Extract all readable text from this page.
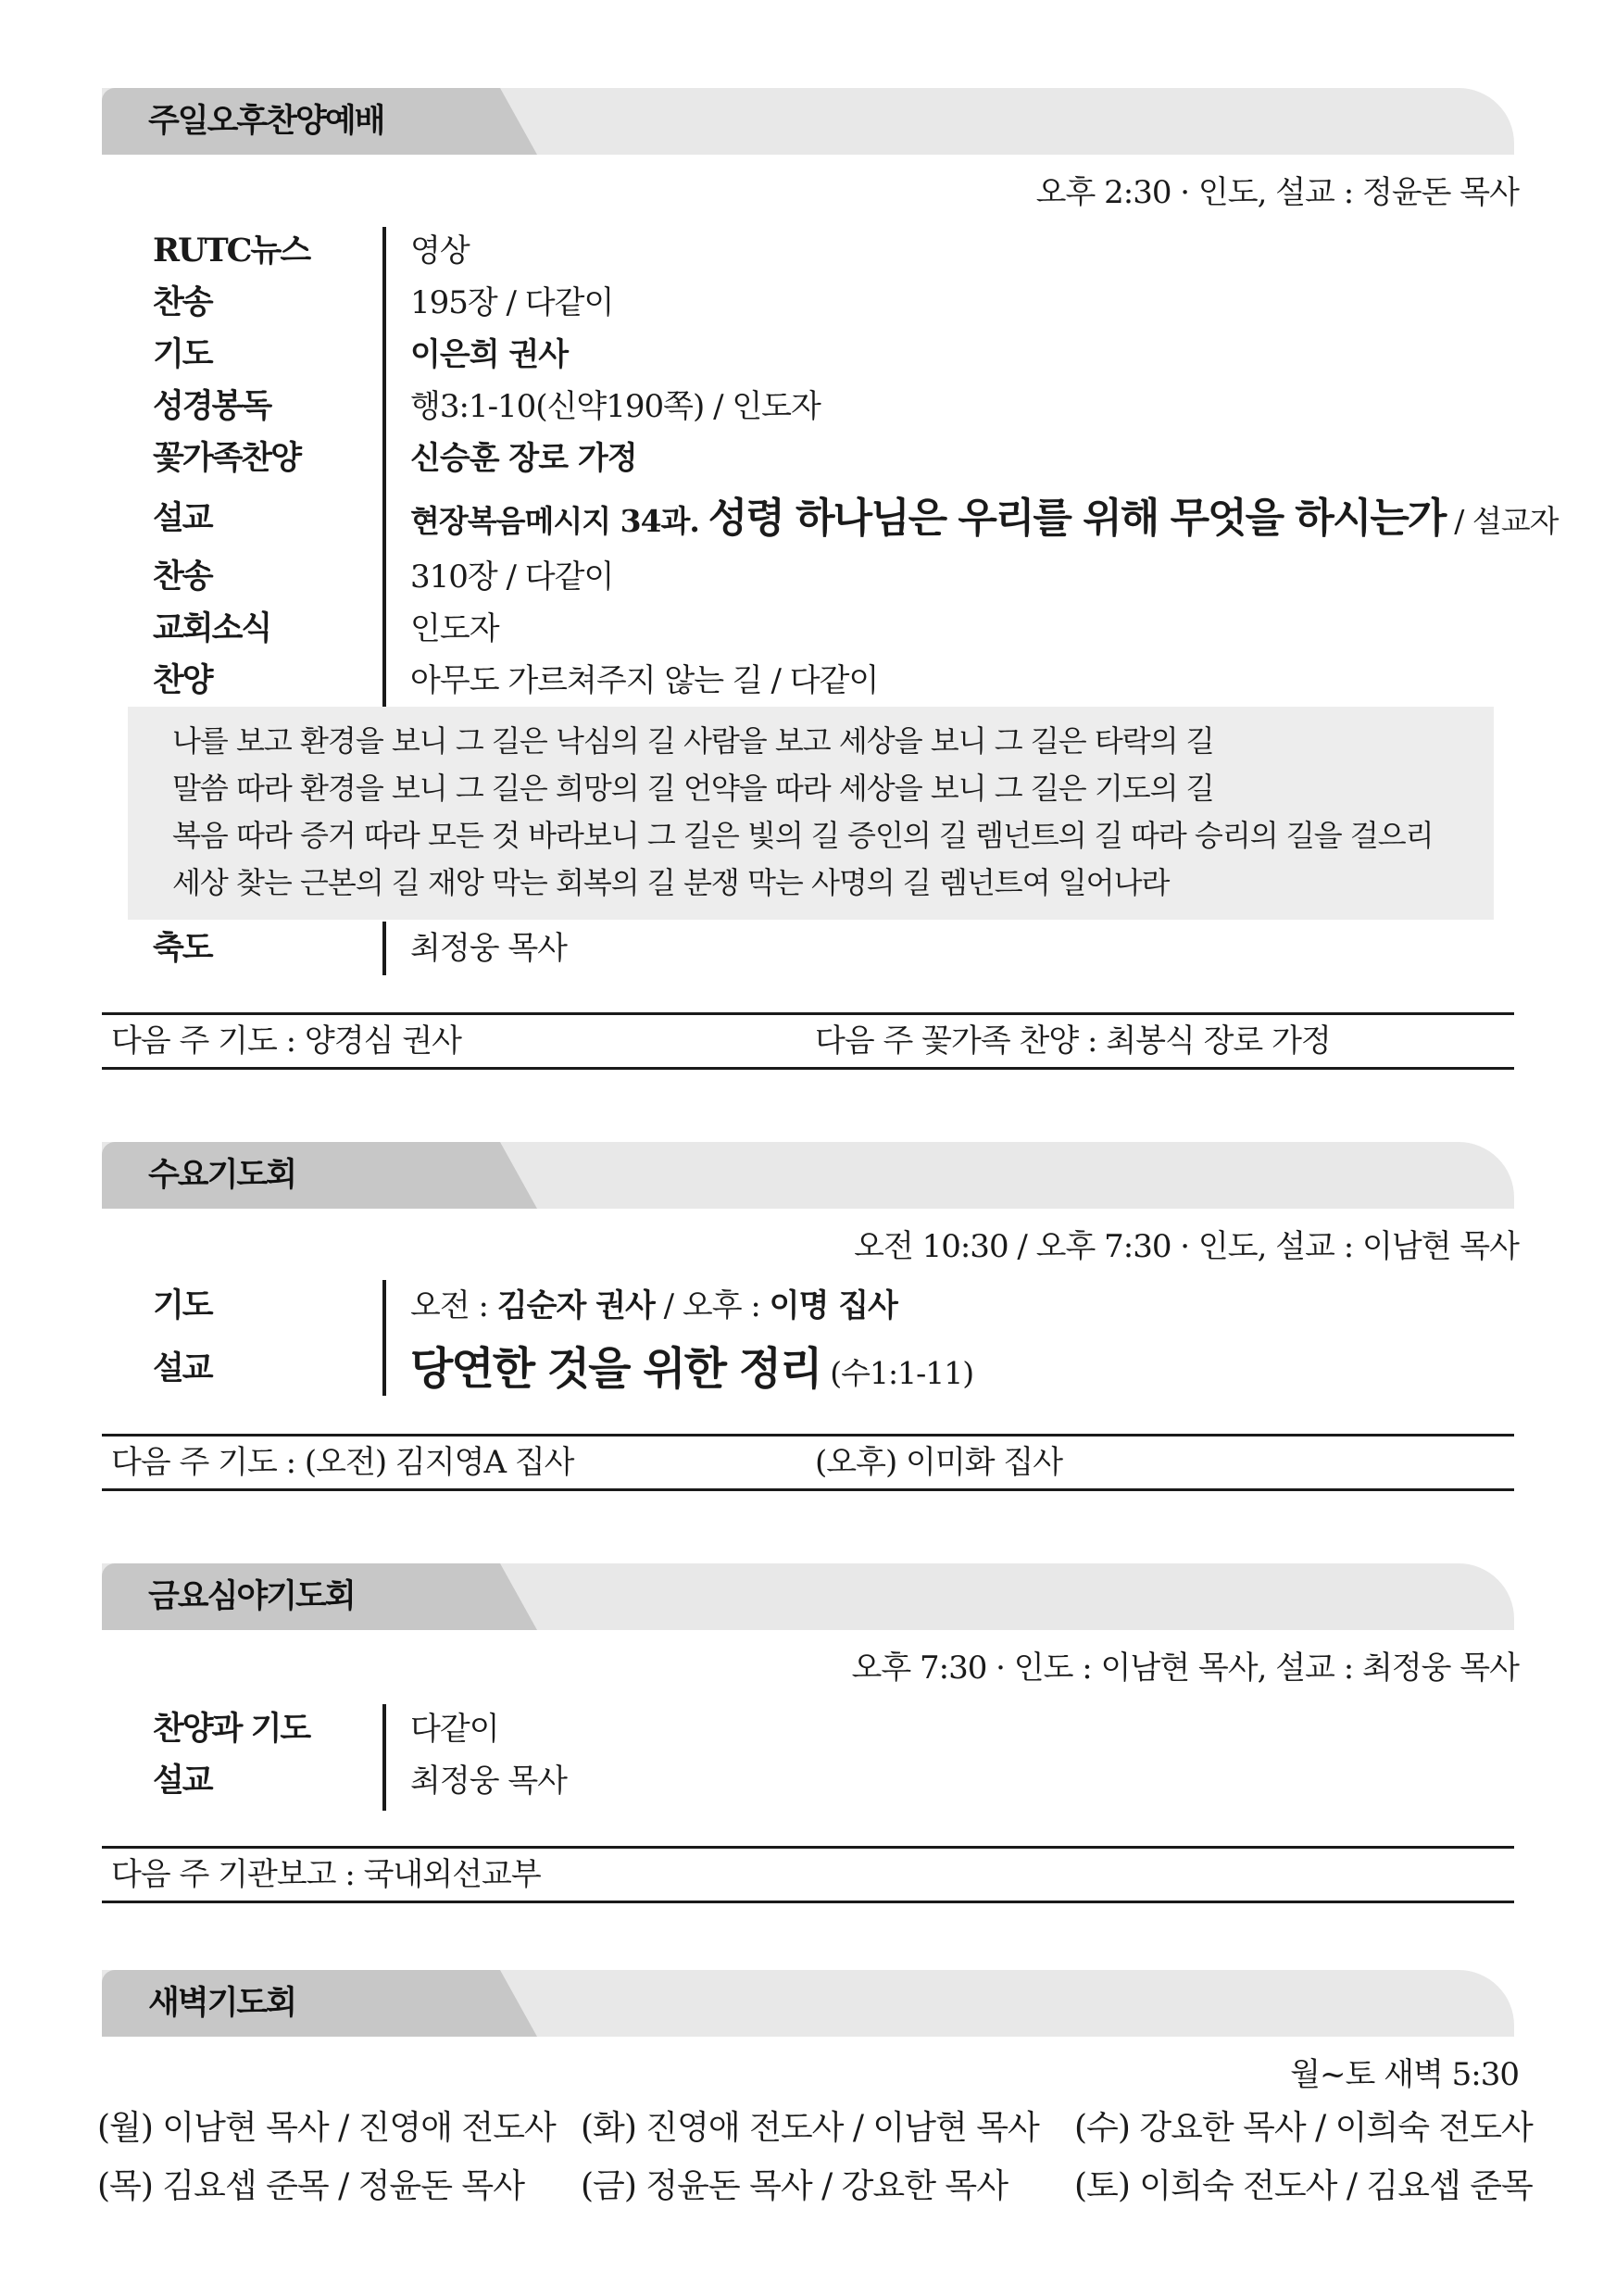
주일오후찬양예배
오후 2:30 · 인도, 설교 : 정윤돈 목사
RUTC뉴스	영상
찬송	195장 / 다같이
기도	이은희 권사
성경봉독	행3:1-10(신약190쪽) / 인도자
꽃가족찬양	신승훈 장로 가정
설교	현장복음메시지 34과. 성령 하나님은 우리를 위해 무엇을 하시는가 / 설교자
찬송	310장 / 다같이
교회소식	인도자
찬양	아무도 가르쳐주지 않는 길 / 다같이
나를 보고 환경을 보니 그 길은 낙심의 길 사람을 보고 세상을 보니 그 길은 타락의 길
말씀 따라 환경을 보니 그 길은 희망의 길 언약을 따라 세상을 보니 그 길은 기도의 길
복음 따라 증거 따라 모든 것 바라보니 그 길은 빛의 길 증인의 길 렘넌트의 길 따라 승리의 길을 걸으리
세상 찾는 근본의 길 재앙 막는 회복의 길 분쟁 막는 사명의 길 렘넌트여 일어나라
축도	최정웅 목사
다음 주 기도 : 양경심 권사	다음 주 꽃가족 찬양 : 최봉식 장로 가정
수요기도회
오전 10:30 / 오후 7:30 · 인도, 설교 : 이남현 목사
기도	오전 : 김순자 권사 / 오후 : 이명 집사
설교	당연한 것을 위한 정리 (수1:1-11)
다음 주 기도 : (오전) 김지영A 집사	(오후) 이미화 집사
금요심야기도회
오후 7:30 · 인도 : 이남현 목사, 설교 : 최정웅 목사
찬양과 기도	다같이
설교	최정웅 목사
다음 주 기관보고 : 국내외선교부
새벽기도회
월~토 새벽 5:30
(월) 이남현 목사 / 진영애 전도사 (화) 진영애 전도사 / 이남현 목사 (수) 강요한 목사 / 이희숙 전도사
(목) 김요셉 준목 / 정윤돈 목사 (금) 정윤돈 목사 / 강요한 목사 (토) 이희숙 전도사 / 김요셉 준목
